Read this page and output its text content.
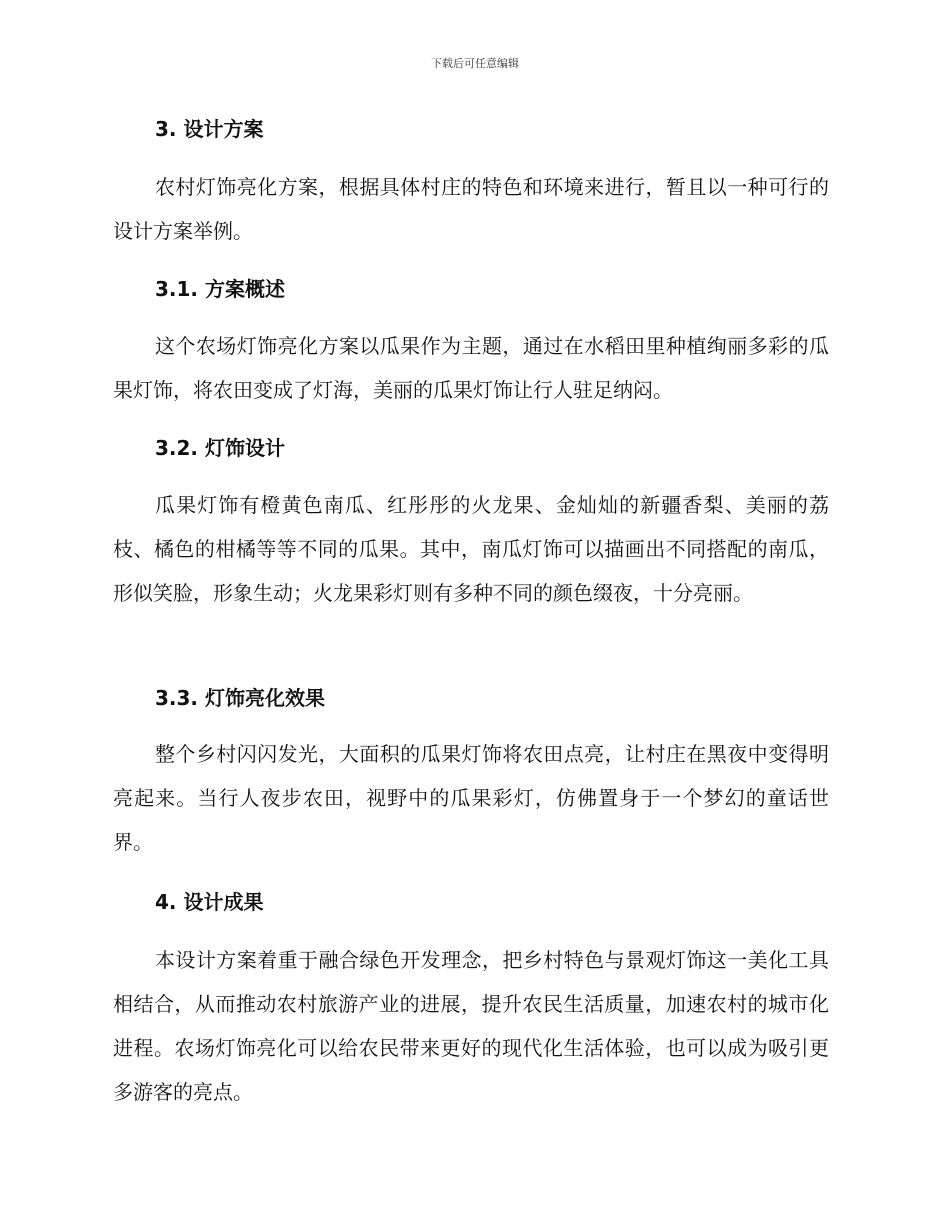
下载后可任意编辑
3. 设计方案

农村灯饰亮化方案，根据具体村庄的特色和环境来进行，暂且以一种可行的设计方案举例。

3.1. 方案概述

这个农场灯饰亮化方案以瓜果作为主题，通过在水稻田里种植绚丽多彩的瓜果灯饰，将农田变成了灯海，美丽的瓜果灯饰让行人驻足纳闷。

3.2. 灯饰设计

瓜果灯饰有橙黄色南瓜、红彤彤的火龙果、金灿灿的新疆香梨、美丽的荔枝、橘色的柑橘等等不同的瓜果。其中，南瓜灯饰可以描画出不同搭配的南瓜，形似笑脸，形象生动；火龙果彩灯则有多种不同的颜色缀夜，十分亮丽。

3.3. 灯饰亮化效果

整个乡村闪闪发光，大面积的瓜果灯饰将农田点亮，让村庄在黑夜中变得明亮起来。当行人夜步农田，视野中的瓜果彩灯，仿佛置身于一个梦幻的童话世界。

4. 设计成果

本设计方案着重于融合绿色开发理念，把乡村特色与景观灯饰这一美化工具相结合，从而推动农村旅游产业的进展，提升农民生活质量，加速农村的城市化进程。农场灯饰亮化可以给农民带来更好的现代化生活体验，也可以成为吸引更多游客的亮点。
